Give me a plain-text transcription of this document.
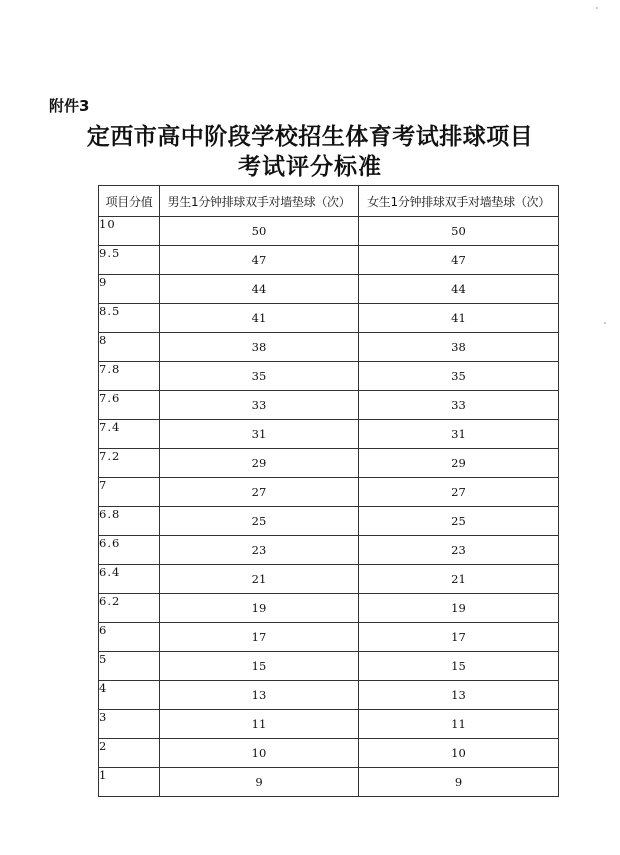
附件3
定西市高中阶段学校招生体育考试排球项目
考试评分标准
项目分值	男生1分钟排球双手对墙垫球（次）	女生1分钟排球双手对墙垫球（次）
10	50	50
9.5	47	47
9	44	44
8.5	41	41
8	38	38
7.8	35	35
7.6	33	33
7.4	31	31
7.2	29	29
7	27	27
6.8	25	25
6.6	23	23
6.4	21	21
6.2	19	19
6	17	17
5	15	15
4	13	13
3	11	11
2	10	10
1	9	9
